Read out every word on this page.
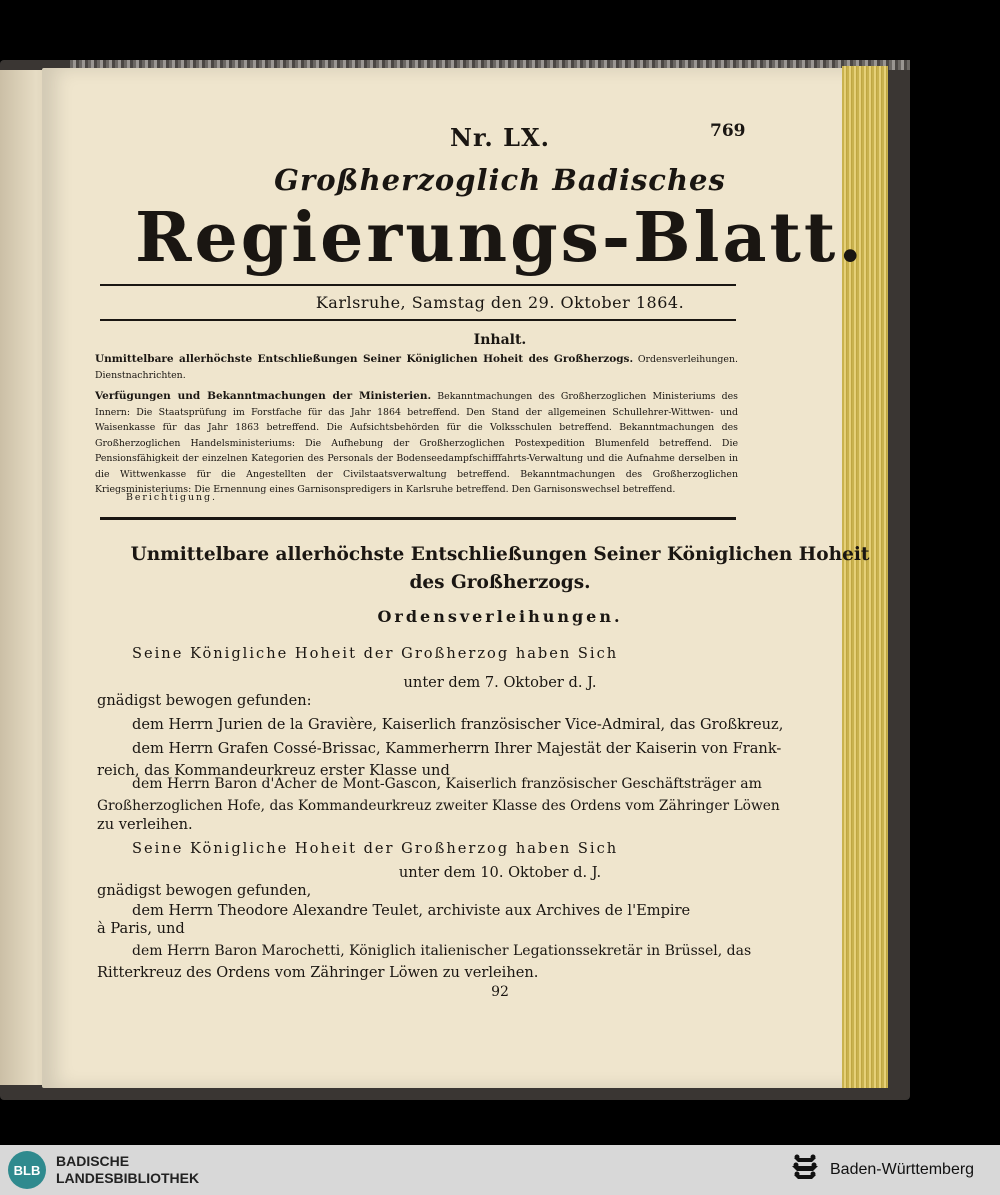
769
Nr. LX.
Großherzoglich Badisches
Regierungs-Blatt.
Karlsruhe, Samstag den 29. Oktober 1864.
Inhalt.
Unmittelbare allerhöchste Entschließungen Seiner Königlichen Hoheit des Großherzogs. Ordensverleihungen. Dienstnachrichten.
Verfügungen und Bekanntmachungen der Ministerien. Bekanntmachungen des Großherzoglichen Ministeriums des Innern: Die Staatsprüfung im Forstfache für das Jahr 1864 betreffend. Den Stand der allgemeinen Schullehrer-Wittwen- und Waisenkasse für das Jahr 1863 betreffend. Die Aufsichtsbehörden für die Volksschulen betreffend. Bekanntmachungen des Großherzoglichen Handelsministeriums: Die Aufhebung der Großherzoglichen Postexpedition Blumenfeld betreffend. Die Pensionsfähigkeit der einzelnen Kategorien des Personals der Bodenseedampfschifffahrts-Verwaltung und die Aufnahme derselben in die Wittwenkasse für die Angestellten der Civilstaatsverwaltung betreffend. Bekanntmachungen des Großherzoglichen Kriegsministeriums: Die Ernennung eines Garnisonspredigers in Karlsruhe betreffend. Den Garnisonswechsel betreffend.
Berichtigung.
Unmittelbare allerhöchste Entschließungen Seiner Königlichen Hoheit
des Großherzogs.
Ordensverleihungen.
Seine Königliche Hoheit der Großherzog haben Sich
unter dem 7. Oktober d. J.
gnädigst bewogen gefunden:
dem Herrn Jurien de la Gravière, Kaiserlich französischer Vice-Admiral, das Großkreuz,
dem Herrn Grafen Cossé-Brissac, Kammerherrn Ihrer Majestät der Kaiserin von Frank-
reich, das Kommandeurkreuz erster Klasse und
dem Herrn Baron d'Acher de Mont-Gascon, Kaiserlich französischer Geschäftsträger am
Großherzoglichen Hofe, das Kommandeurkreuz zweiter Klasse des Ordens vom Zähringer Löwen
zu verleihen.
Seine Königliche Hoheit der Großherzog haben Sich
unter dem 10. Oktober d. J.
gnädigst bewogen gefunden,
dem Herrn Theodore Alexandre Teulet, archiviste aux Archives de l'Empire
à Paris, und
dem Herrn Baron Marochetti, Königlich italienischer Legationssekretär in Brüssel, das
Ritterkreuz des Ordens vom Zähringer Löwen zu verleihen.
92
BLB
BADISCHE
LANDESBIBLIOTHEK	Baden-Württemberg
